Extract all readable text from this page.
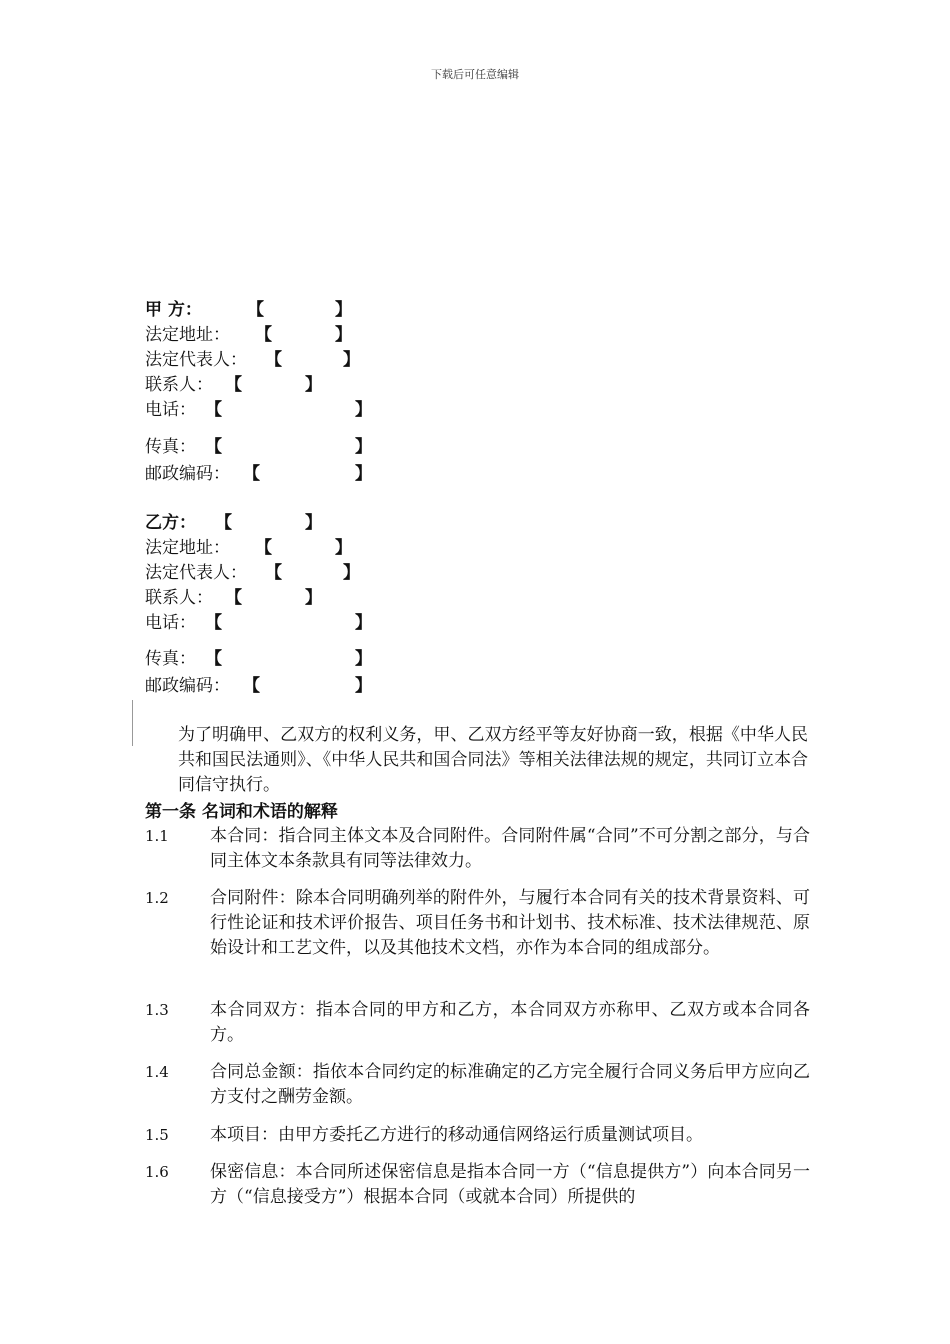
下载后可任意编辑
甲 方：	【	】
法定地址： 【	】
法定代表人： 【	】
联系人： 【	】
电话： 【	】
传真： 【	】
邮政编码： 【	】
乙方： 【	】
法定地址： 【	】
法定代表人： 【	】
联系人： 【	】
电话： 【	】
传真： 【	】
邮政编码： 【	】
为了明确甲、乙双方的权利义务，甲、乙双方经平等友好协商一致，根据《中华人民共和国民法通则》、《中华人民共和国合同法》等相关法律法规的规定，共同订立本合同信守执行。
第一条 名词和术语的解释
1.1	本合同：指合同主体文本及合同附件。合同附件属“合同”不可分割之部分，与合同主体文本条款具有同等法律效力。
1.2	合同附件：除本合同明确列举的附件外，与履行本合同有关的技术背景资料、可行性论证和技术评价报告、项目任务书和计划书、技术标准、技术法律规范、原始设计和工艺文件，以及其他技术文档，亦作为本合同的组成部分。
1.3	本合同双方：指本合同的甲方和乙方，本合同双方亦称甲、乙双方或本合同各方。
1.4	合同总金额：指依本合同约定的标准确定的乙方完全履行合同义务后甲方应向乙方支付之酬劳金额。
1.5	本项目：由甲方委托乙方进行的移动通信网络运行质量测试项目。
1.6	保密信息：本合同所述保密信息是指本合同一方（“信息提供方”）向本合同另一方（“信息接受方”）根据本合同（或就本合同）所提供的
